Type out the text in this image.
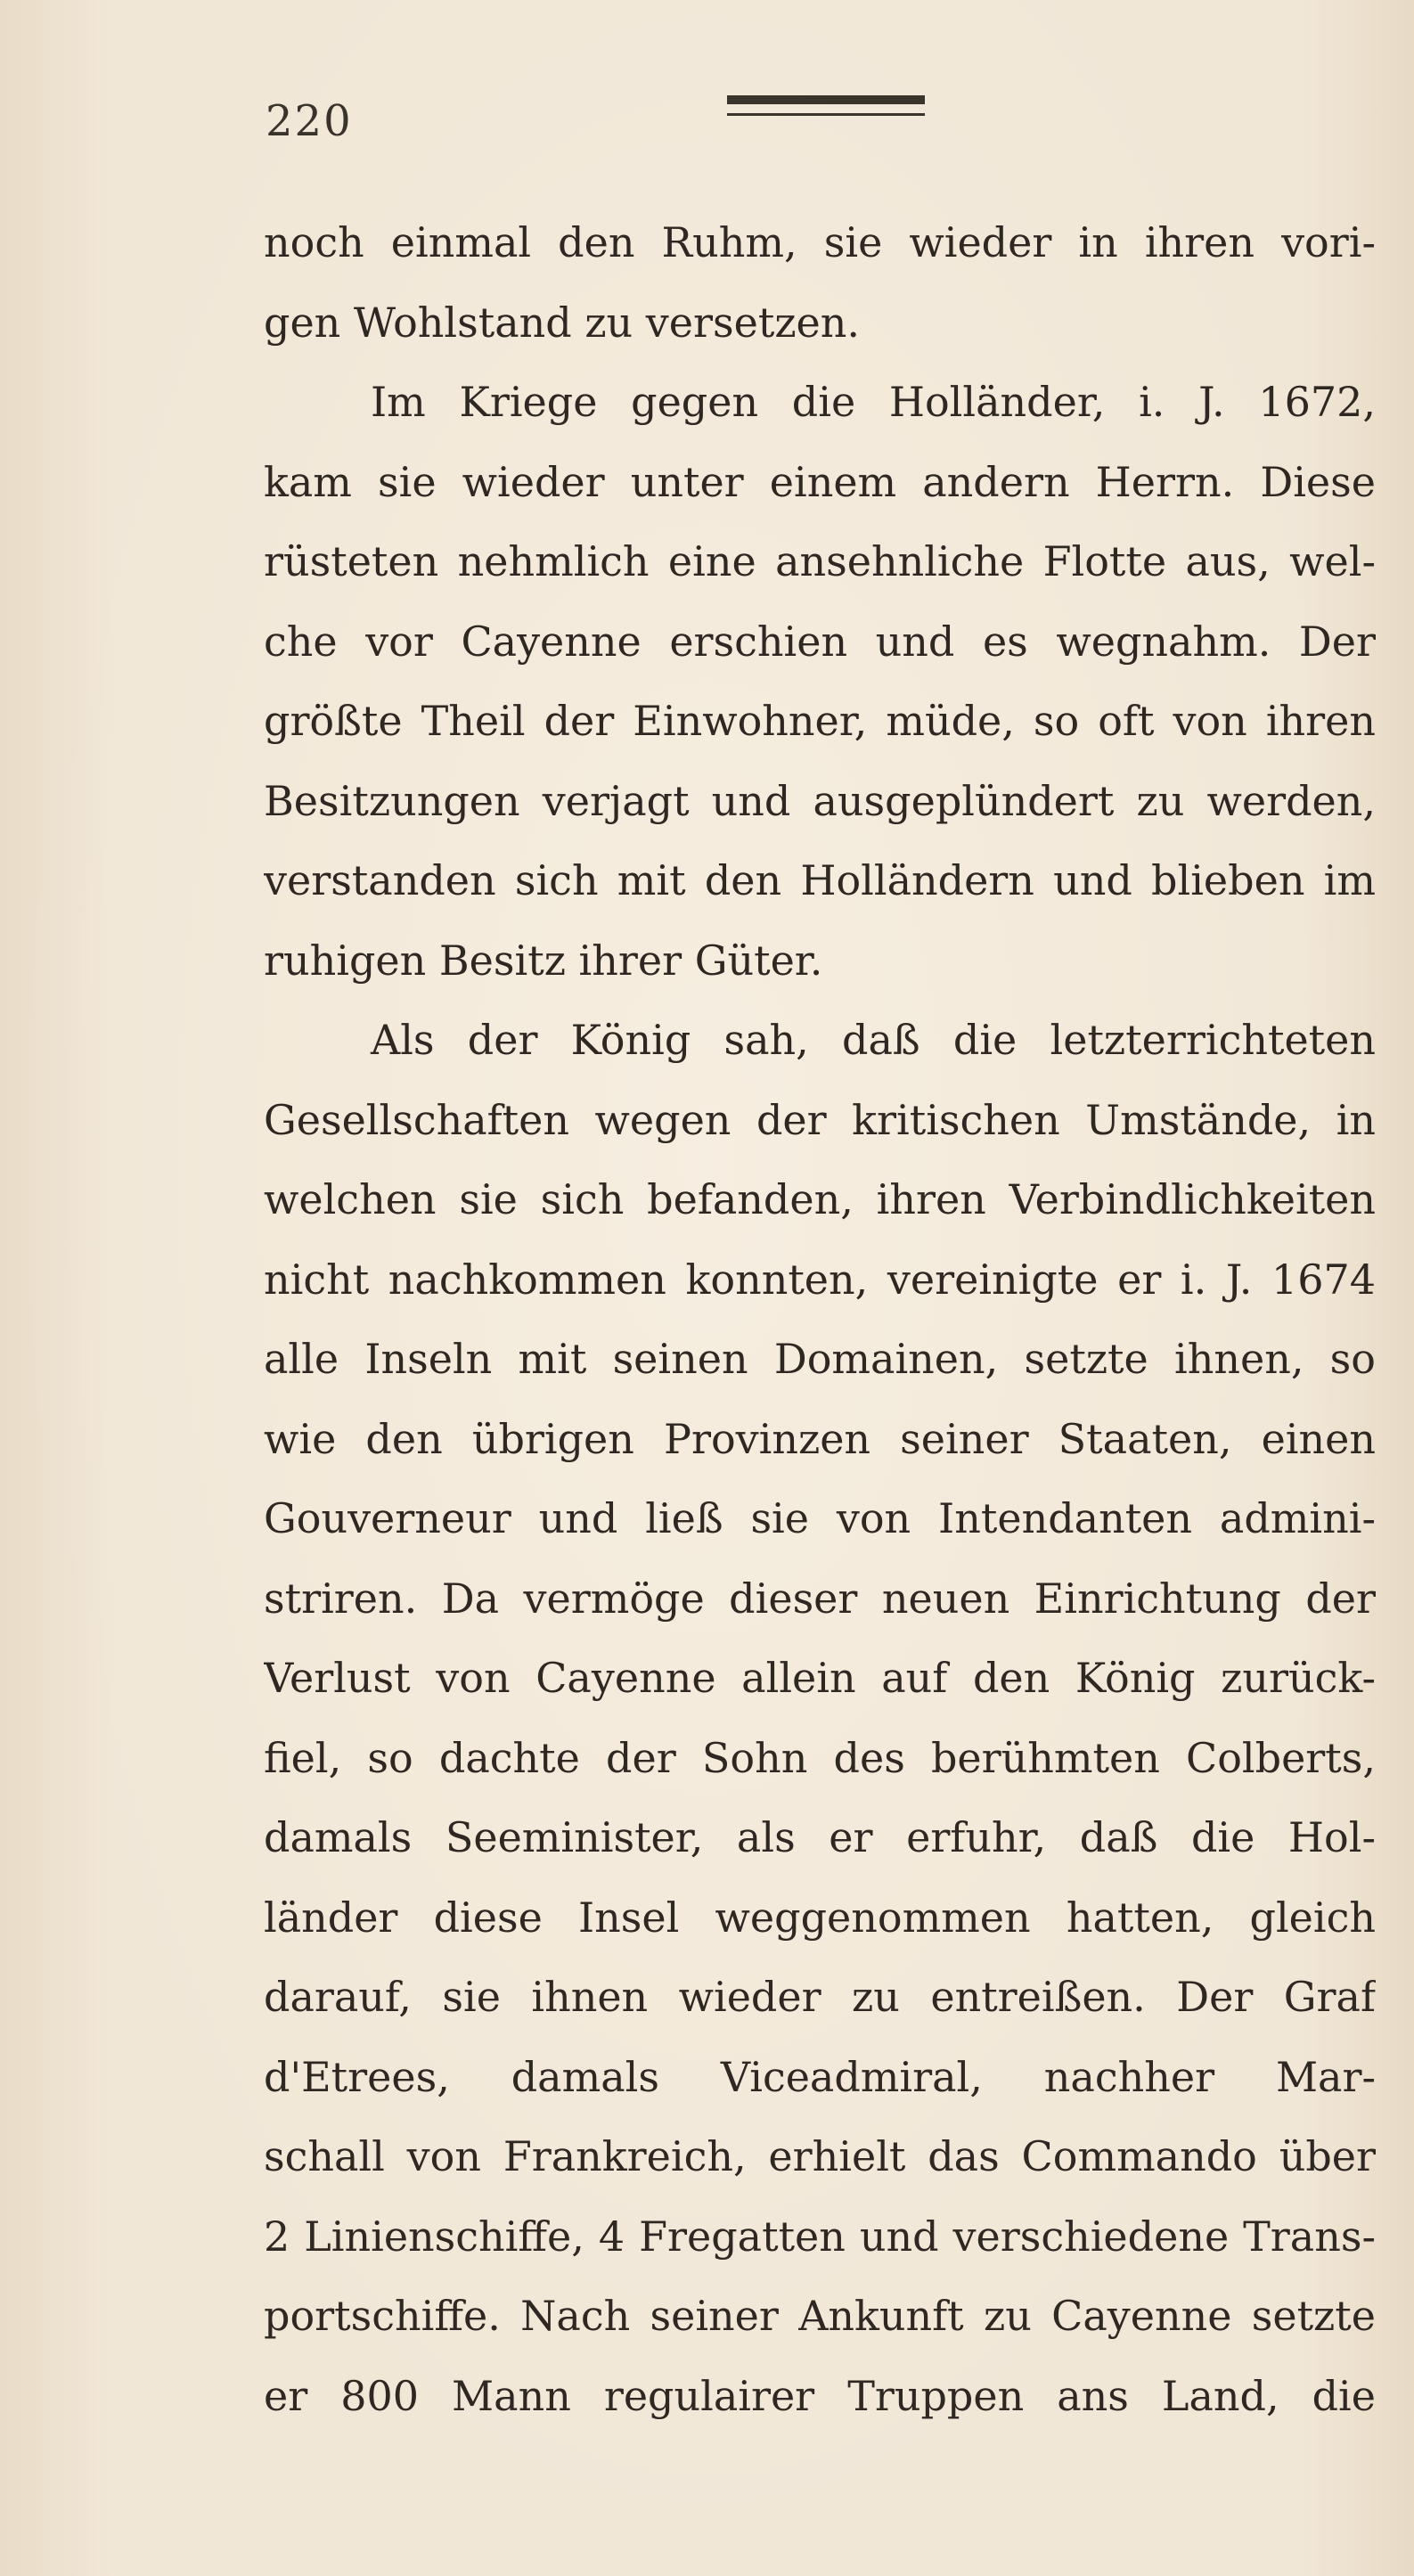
220
noch einmal den Ruhm, sie wieder in ihren vori-
gen Wohlstand zu versetzen.
Im Kriege gegen die Holländer, i. J. 1672,
kam sie wieder unter einem andern Herrn. Diese
rüsteten nehmlich eine ansehnliche Flotte aus, wel-
che vor Cayenne erschien und es wegnahm. Der
größte Theil der Einwohner, müde, so oft von ihren
Besitzungen verjagt und ausgeplündert zu werden,
verstanden sich mit den Holländern und blieben im
ruhigen Besitz ihrer Güter.
Als der König sah, daß die letzterrichteten
Gesellschaften wegen der kritischen Umstände, in
welchen sie sich befanden, ihren Verbindlichkeiten
nicht nachkommen konnten, vereinigte er i. J. 1674
alle Inseln mit seinen Domainen, setzte ihnen, so
wie den übrigen Provinzen seiner Staaten, einen
Gouverneur und ließ sie von Intendanten admini-
striren. Da vermöge dieser neuen Einrichtung der
Verlust von Cayenne allein auf den König zurück-
fiel, so dachte der Sohn des berühmten Colberts,
damals Seeminister, als er erfuhr, daß die Hol-
länder diese Insel weggenommen hatten, gleich
darauf, sie ihnen wieder zu entreißen. Der Graf
d'Etrees, damals Viceadmiral, nachher Mar-
schall von Frankreich, erhielt das Commando über
2 Linienschiffe, 4 Fregatten und verschiedene Trans-
portschiffe. Nach seiner Ankunft zu Cayenne setzte
er 800 Mann regulairer Truppen ans Land, die
